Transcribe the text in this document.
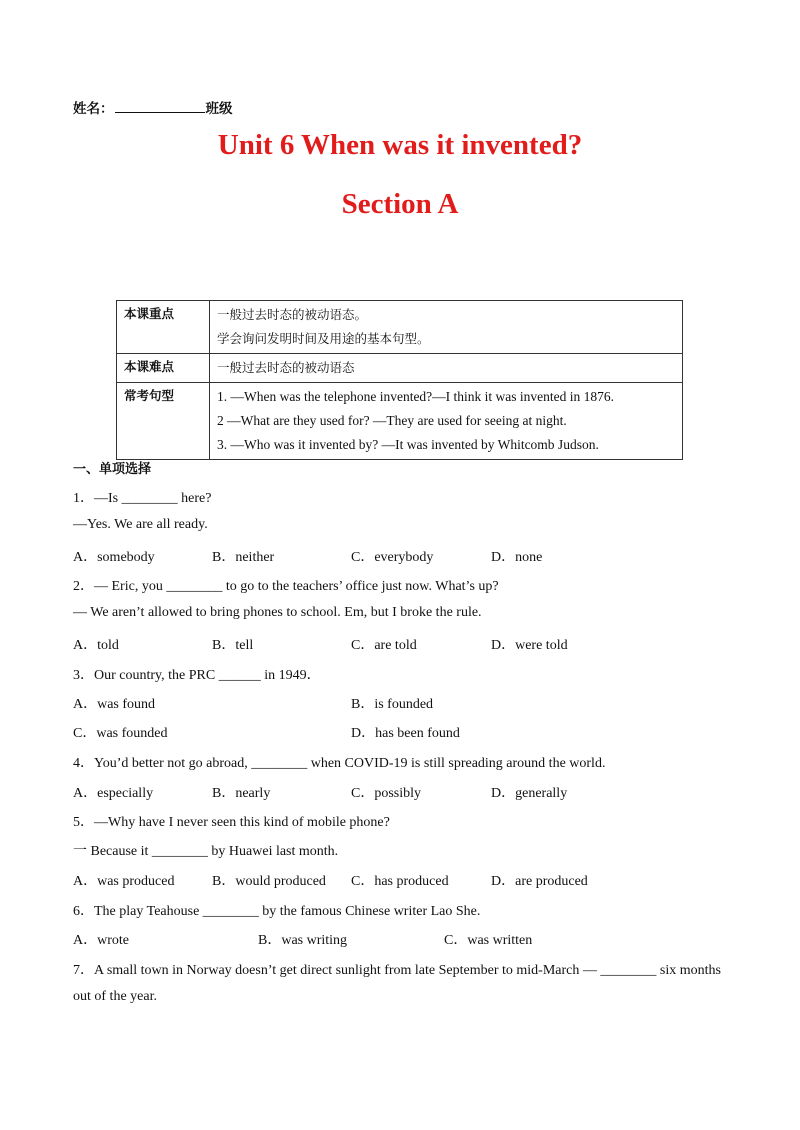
姓名：	班级
Unit 6 When was it invented?
Section A
本课重点	一般过去时态的被动语态。
学会询问发明时间及用途的基本句型。

本课难点	一般过去时态的被动语态

常考句型	1. —When was the telephone invented?—I think it was invented in 1876.
2 —What are they used for? —They are used for seeing at night.
3. —Who was it invented by? —It was invented by Whitcomb Judson.
一、单项选择
1．—Is ________ here?
—Yes. We are all ready.
A．somebody	B．neither	C．everybody	D．none
2．— Eric, you ________ to go to the teachers’ office just now. What’s up?
— We aren’t allowed to bring phones to school. Em, but I broke the rule.
A．told	B．tell	C．are told	D．were told
3．Our country, the PRC ______ in 1949．
A．was found	B．is founded
C．was founded	D．has been found
4．You’d better not go abroad, ________ when COVID-19 is still spreading around the world.
A．especially	B．nearly	C．possibly	D．generally
5．—Why have I never seen this kind of mobile phone?
一 Because it ________ by Huawei last month.
A．was produced	B．would produced C．has produced	D．are produced
6．The play Teahouse ________ by the famous Chinese writer Lao She.
A．wrote	B．was writing	C．was written
7．A small town in Norway doesn’t get direct sunlight from late September to mid-March — ________ six months
out of the year.
